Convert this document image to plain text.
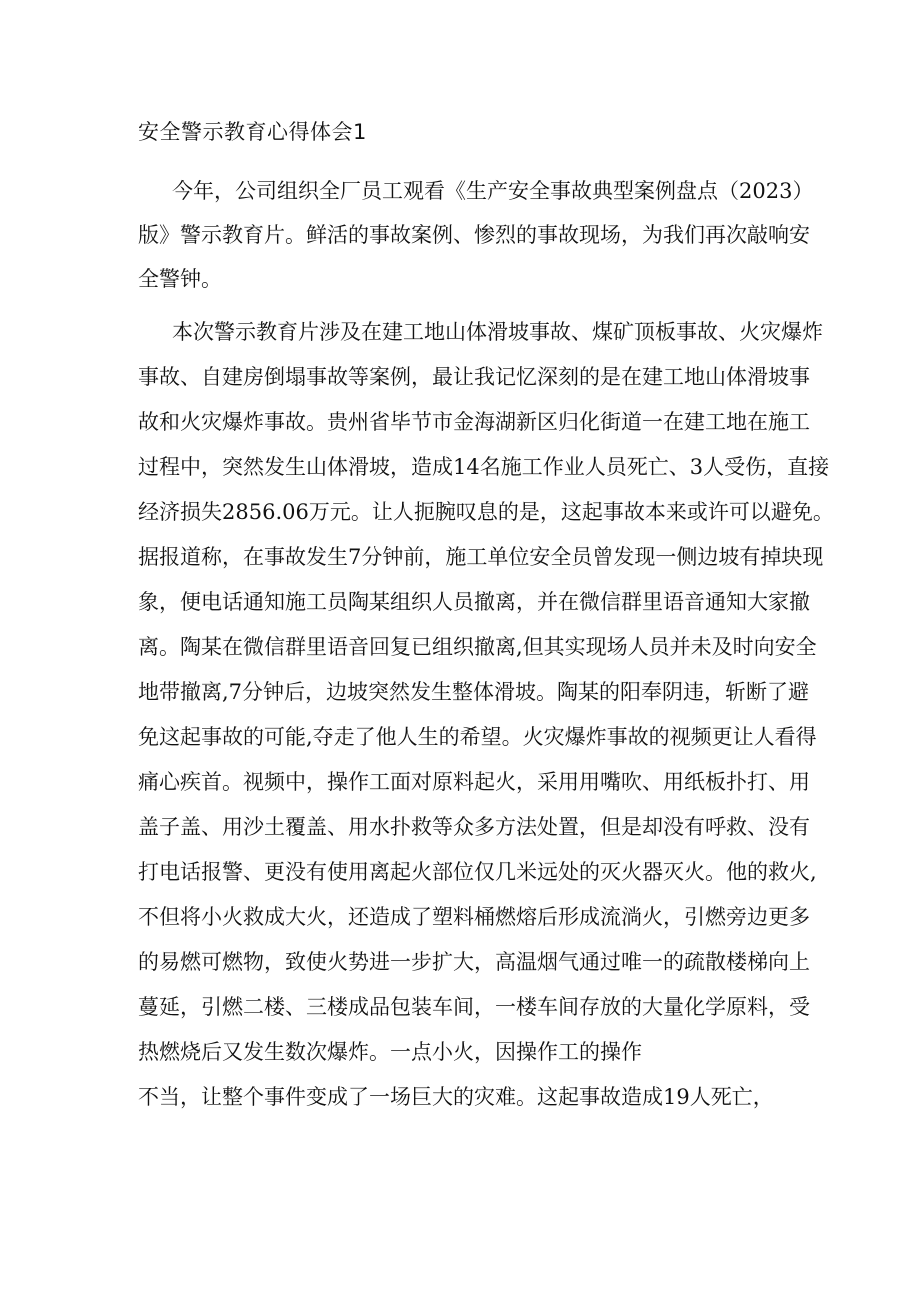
安全警示教育心得体会1
今年，公司组织全厂员工观看《生产安全事故典型案例盘点（2023）
版》警示教育片。鲜活的事故案例、惨烈的事故现场，为我们再次敲响安
全警钟。
本次警示教育片涉及在建工地山体滑坡事故、煤矿顶板事故、火灾爆炸
事故、自建房倒塌事故等案例，最让我记忆深刻的是在建工地山体滑坡事
故和火灾爆炸事故。贵州省毕节市金海湖新区归化街道一在建工地在施工
过程中，突然发生山体滑坡，造成14名施工作业人员死亡、3人受伤，直接
经济损失2856.06万元。让人扼腕叹息的是，这起事故本来或许可以避免。
据报道称，在事故发生7分钟前，施工单位安全员曾发现一侧边坡有掉块现
象，便电话通知施工员陶某组织人员撤离，并在微信群里语音通知大家撤
离。陶某在微信群里语音回复已组织撤离,但其实现场人员并未及时向安全
地带撤离,7分钟后，边坡突然发生整体滑坡。陶某的阳奉阴违，斩断了避
免这起事故的可能,夺走了他人生的希望。火灾爆炸事故的视频更让人看得
痛心疾首。视频中，操作工面对原料起火，采用用嘴吹、用纸板扑打、用
盖子盖、用沙土覆盖、用水扑救等众多方法处置，但是却没有呼救、没有
打电话报警、更没有使用离起火部位仅几米远处的灭火器灭火。他的救火,
不但将小火救成大火，还造成了塑料桶燃熔后形成流淌火，引燃旁边更多
的易燃可燃物，致使火势进一步扩大，高温烟气通过唯一的疏散楼梯向上
蔓延，引燃二楼、三楼成品包装车间，一楼车间存放的大量化学原料，受
热燃烧后又发生数次爆炸。一点小火，因操作工的操作
不当，让整个事件变成了一场巨大的灾难。这起事故造成19人死亡，
